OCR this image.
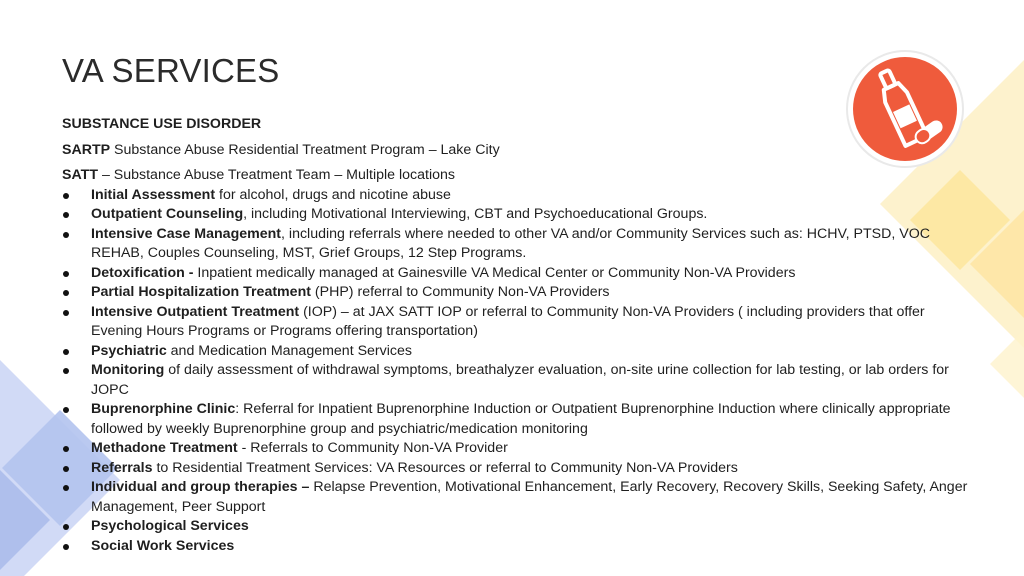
VA SERVICES
SUBSTANCE USE DISORDER
SARTP Substance Abuse Residential Treatment Program – Lake City
SATT – Substance Abuse Treatment Team – Multiple locations
Initial Assessment for alcohol, drugs and nicotine abuse
Outpatient Counseling, including Motivational Interviewing, CBT and Psychoeducational Groups.
Intensive Case Management, including referrals where needed to other VA and/or Community Services such as: HCHV, PTSD, VOC REHAB, Couples Counseling, MST, Grief Groups, 12 Step Programs.
Detoxification - Inpatient medically managed at Gainesville VA Medical Center or Community Non-VA Providers
Partial Hospitalization Treatment (PHP) referral to Community Non-VA Providers
Intensive Outpatient Treatment (IOP) – at JAX SATT IOP or referral to Community Non-VA Providers ( including providers that offer Evening Hours Programs or Programs offering transportation)
Psychiatric and Medication Management Services
Monitoring of daily assessment of withdrawal symptoms, breathalyzer evaluation, on-site urine collection for lab testing, or lab orders for JOPC
Buprenorphine Clinic: Referral for Inpatient Buprenorphine Induction or Outpatient Buprenorphine Induction where clinically appropriate followed by weekly Buprenorphine group and psychiatric/medication monitoring
Methadone Treatment - Referrals to Community Non-VA Provider
Referrals to Residential Treatment Services: VA Resources or referral to Community Non-VA Providers
Individual and group therapies – Relapse Prevention, Motivational Enhancement, Early Recovery, Recovery Skills, Seeking Safety, Anger Management, Peer Support
Psychological Services
Social Work Services
